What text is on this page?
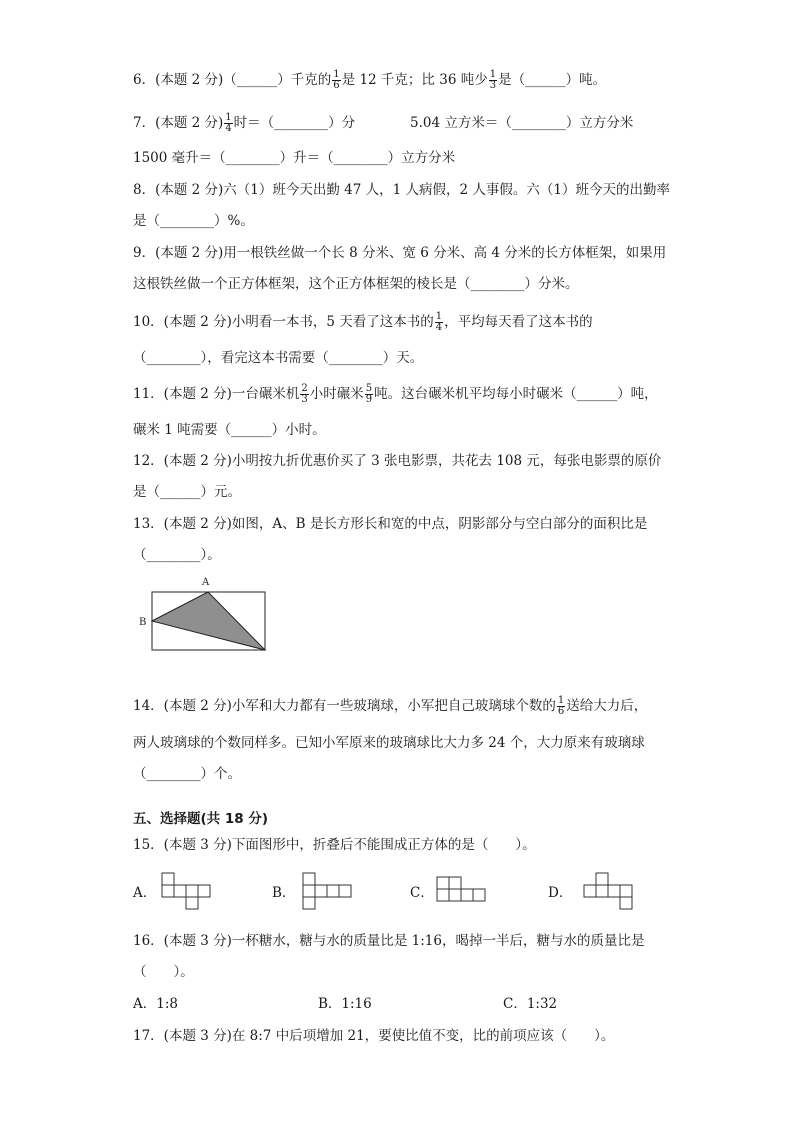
6．(本题 2 分)（______）千克的 $\frac{1}{6}$ 是 12 千克；比 36 吨少 $\frac{1}{3}$ 是（______）吨。
7．(本题 2 分) $\frac{1}{4}$ 时＝（________）分	5.04 立方米＝（________）立方分米
1500 毫升＝（________）升＝（________）立方分米
8．(本题 2 分)六（1）班今天出勤 47 人，1 人病假，2 人事假。六（1）班今天的出勤率
是（________）%。
9．(本题 2 分)用一根铁丝做一个长 8 分米、宽 6 分米、高 4 分米的长方体框架，如果用
这根铁丝做一个正方体框架，这个正方体框架的棱长是（________）分米。
10．(本题 2 分)小明看一本书，5 天看了这本书的 $\frac{1}{4}$ ，平均每天看了这本书的
（________），看完这本书需要（________）天。
11．(本题 2 分)一台碾米机 $\frac{2}{3}$ 小时碾米 $\frac{5}{9}$ 吨。这台碾米机平均每小时碾米（______）吨，
碾米 1 吨需要（______）小时。
12．(本题 2 分)小明按九折优惠价买了 3 张电影票，共花去 108 元，每张电影票的原价
是（______）元。
13．(本题 2 分)如图，A、B 是长方形长和宽的中点，阴影部分与空白部分的面积比是
（________）。
A
B
14．(本题 2 分)小军和大力都有一些玻璃球，小军把自己玻璃球个数的 $\frac{1}{6}$ 送给大力后，
两人玻璃球的个数同样多。已知小军原来的玻璃球比大力多 24 个，大力原来有玻璃球
（________）个。
五、选择题(共 18 分)
15．(本题 3 分)下面图形中，折叠后不能围成正方体的是（　　）。
A．	B．	C．	D．
16．(本题 3 分)一杯糖水，糖与水的质量比是 1:16，喝掉一半后，糖与水的质量比是
（　　）。
A．1:8	B．1:16	C．1:32
17．(本题 3 分)在 8:7 中后项增加 21，要使比值不变，比的前项应该（　　）。
